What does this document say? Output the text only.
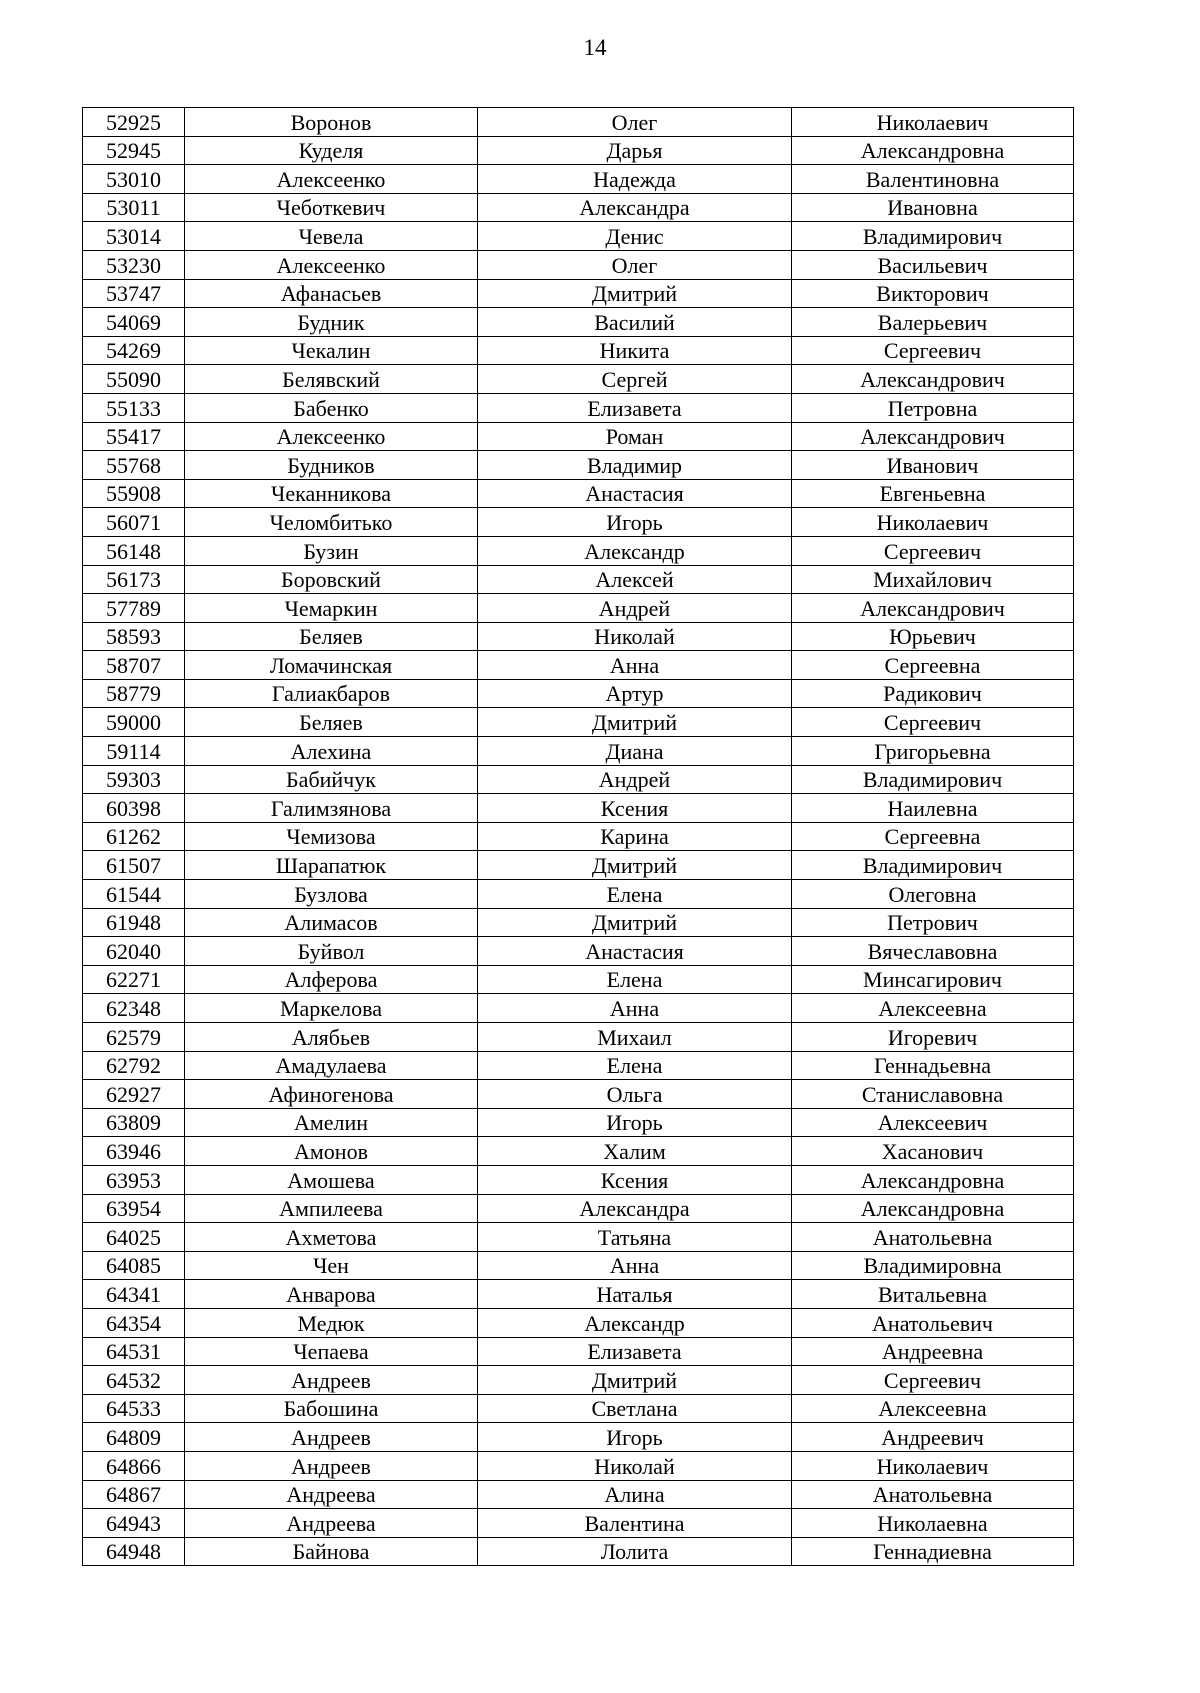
14
52925	Воронов	Олег	Николаевич
52945	Куделя	Дарья	Александровна
53010	Алексеенко	Надежда	Валентиновна
53011	Чеботкевич	Александра	Ивановна
53014	Чевела	Денис	Владимирович
53230	Алексеенко	Олег	Васильевич
53747	Афанасьев	Дмитрий	Викторович
54069	Будник	Василий	Валерьевич
54269	Чекалин	Никита	Сергеевич
55090	Белявский	Сергей	Александрович
55133	Бабенко	Елизавета	Петровна
55417	Алексеенко	Роман	Александрович
55768	Будников	Владимир	Иванович
55908	Чеканникова	Анастасия	Евгеньевна
56071	Челомбитько	Игорь	Николаевич
56148	Бузин	Александр	Сергеевич
56173	Боровский	Алексей	Михайлович
57789	Чемаркин	Андрей	Александрович
58593	Беляев	Николай	Юрьевич
58707	Ломачинская	Анна	Сергеевна
58779	Галиакбаров	Артур	Радикович
59000	Беляев	Дмитрий	Сергеевич
59114	Алехина	Диана	Григорьевна
59303	Бабийчук	Андрей	Владимирович
60398	Галимзянова	Ксения	Наилевна
61262	Чемизова	Карина	Сергеевна
61507	Шарапатюк	Дмитрий	Владимирович
61544	Бузлова	Елена	Олеговна
61948	Алимасов	Дмитрий	Петрович
62040	Буйвол	Анастасия	Вячеславовна
62271	Алферова	Елена	Минсагирович
62348	Маркелова	Анна	Алексеевна
62579	Алябьев	Михаил	Игоревич
62792	Амадулаева	Елена	Геннадьевна
62927	Афиногенова	Ольга	Станиславовна
63809	Амелин	Игорь	Алексеевич
63946	Амонов	Халим	Хасанович
63953	Амошева	Ксения	Александровна
63954	Ампилеева	Александра	Александровна
64025	Ахметова	Татьяна	Анатольевна
64085	Чен	Анна	Владимировна
64341	Анварова	Наталья	Витальевна
64354	Медюк	Александр	Анатольевич
64531	Чепаева	Елизавета	Андреевна
64532	Андреев	Дмитрий	Сергеевич
64533	Бабошина	Светлана	Алексеевна
64809	Андреев	Игорь	Андреевич
64866	Андреев	Николай	Николаевич
64867	Андреева	Алина	Анатольевна
64943	Андреева	Валентина	Николаевна
64948	Байнова	Лолита	Геннадиевна
